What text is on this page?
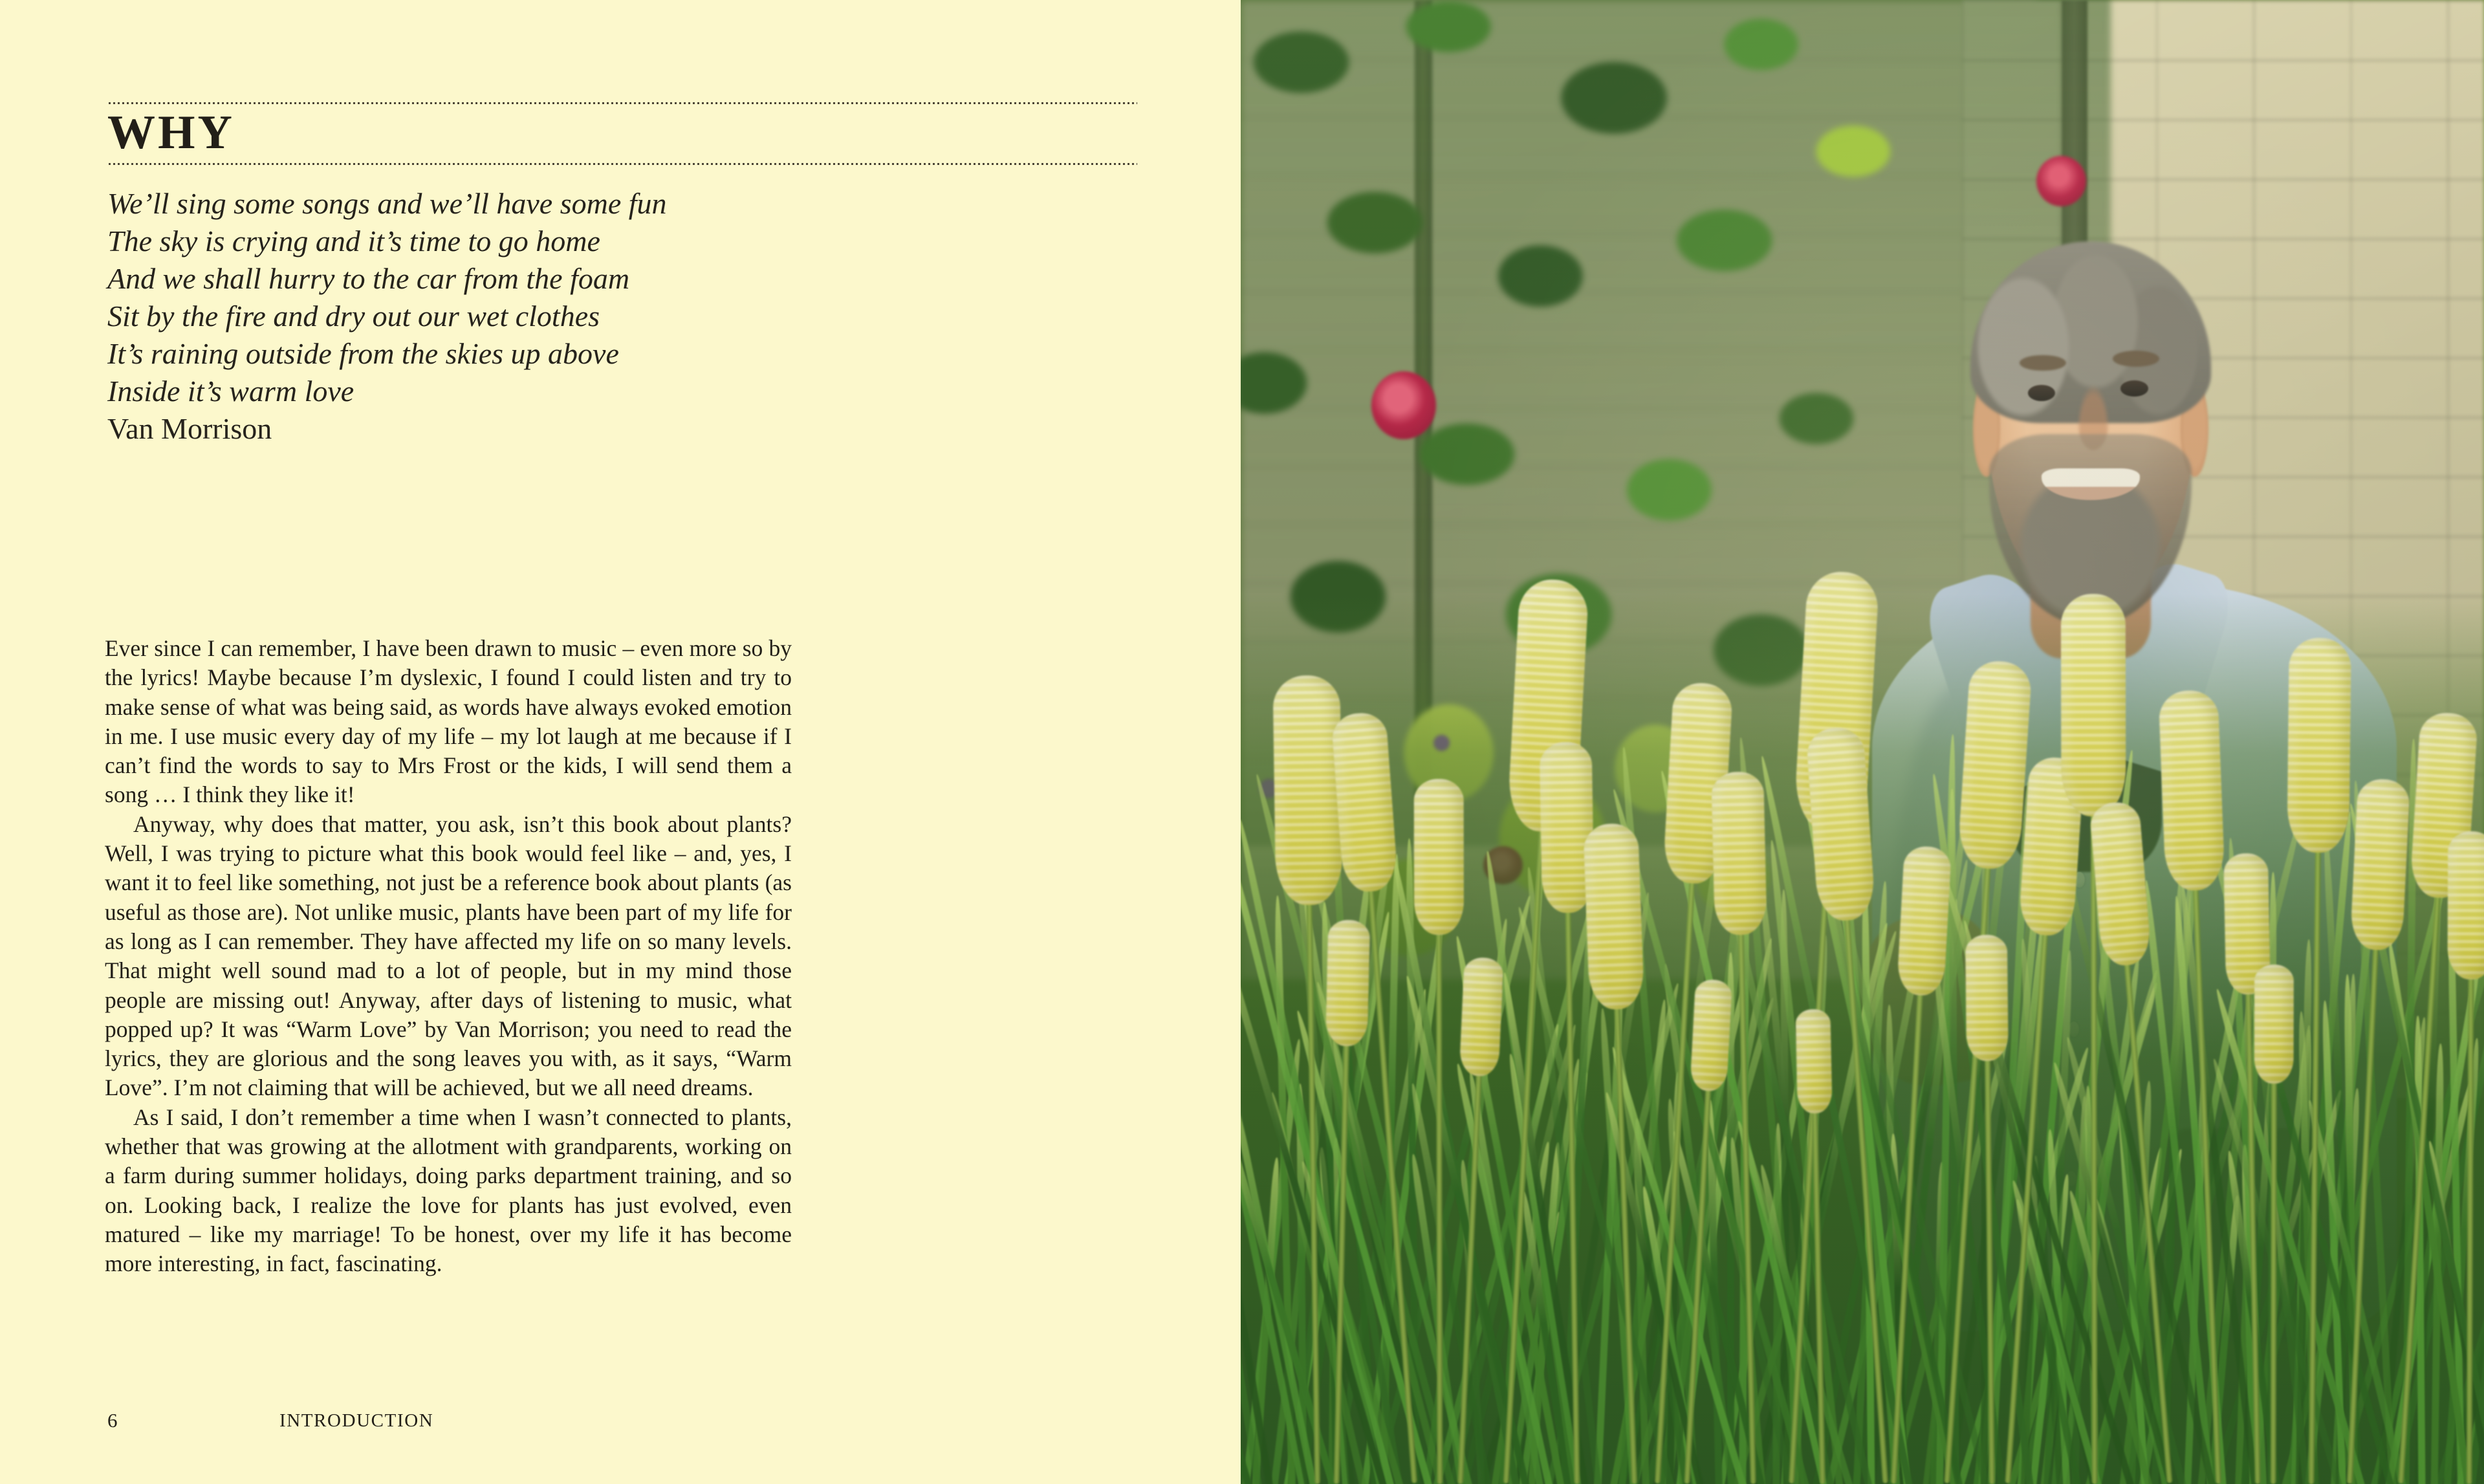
WHY
We’ll sing some songs and we’ll have some fun
The sky is crying and it’s time to go home
And we shall hurry to the car from the foam
Sit by the fire and dry out our wet clothes
It’s raining outside from the skies up above
Inside it’s warm love
Van Morrison

Ever since I can remember, I have been drawn to music – even more so by the lyrics! Maybe because I’m dyslexic, I found I could listen and try to make sense of what was being said, as words have always evoked emotion in me. I use music every day of my life – my lot laugh at me because if I can’t find the words to say to Mrs Frost or the kids, I will send them a song … I think they like it!

Anyway, why does that matter, you ask, isn’t this book about plants? Well, I was trying to picture what this book would feel like – and, yes, I want it to feel like something, not just be a reference book about plants (as useful as those are). Not unlike music, plants have been part of my life for as long as I can remember. They have affected my life on so many levels. That might well sound mad to a lot of people, but in my mind those people are missing out! Anyway, after days of listening to music, what popped up? It was “Warm Love” by Van Morrison; you need to read the lyrics, they are glorious and the song leaves you with, as it says, “Warm Love”. I’m not claiming that will be achieved, but we all need dreams.

As I said, I don’t remember a time when I wasn’t connected to plants, whether that was growing at the allotment with grandparents, working on a farm during summer holidays, doing parks department training, and so on. Looking back, I realize the love for plants has just evolved, even matured – like my marriage! To be honest, over my life it has become more interesting, in fact, fascinating.

6	INTRODUCTION
